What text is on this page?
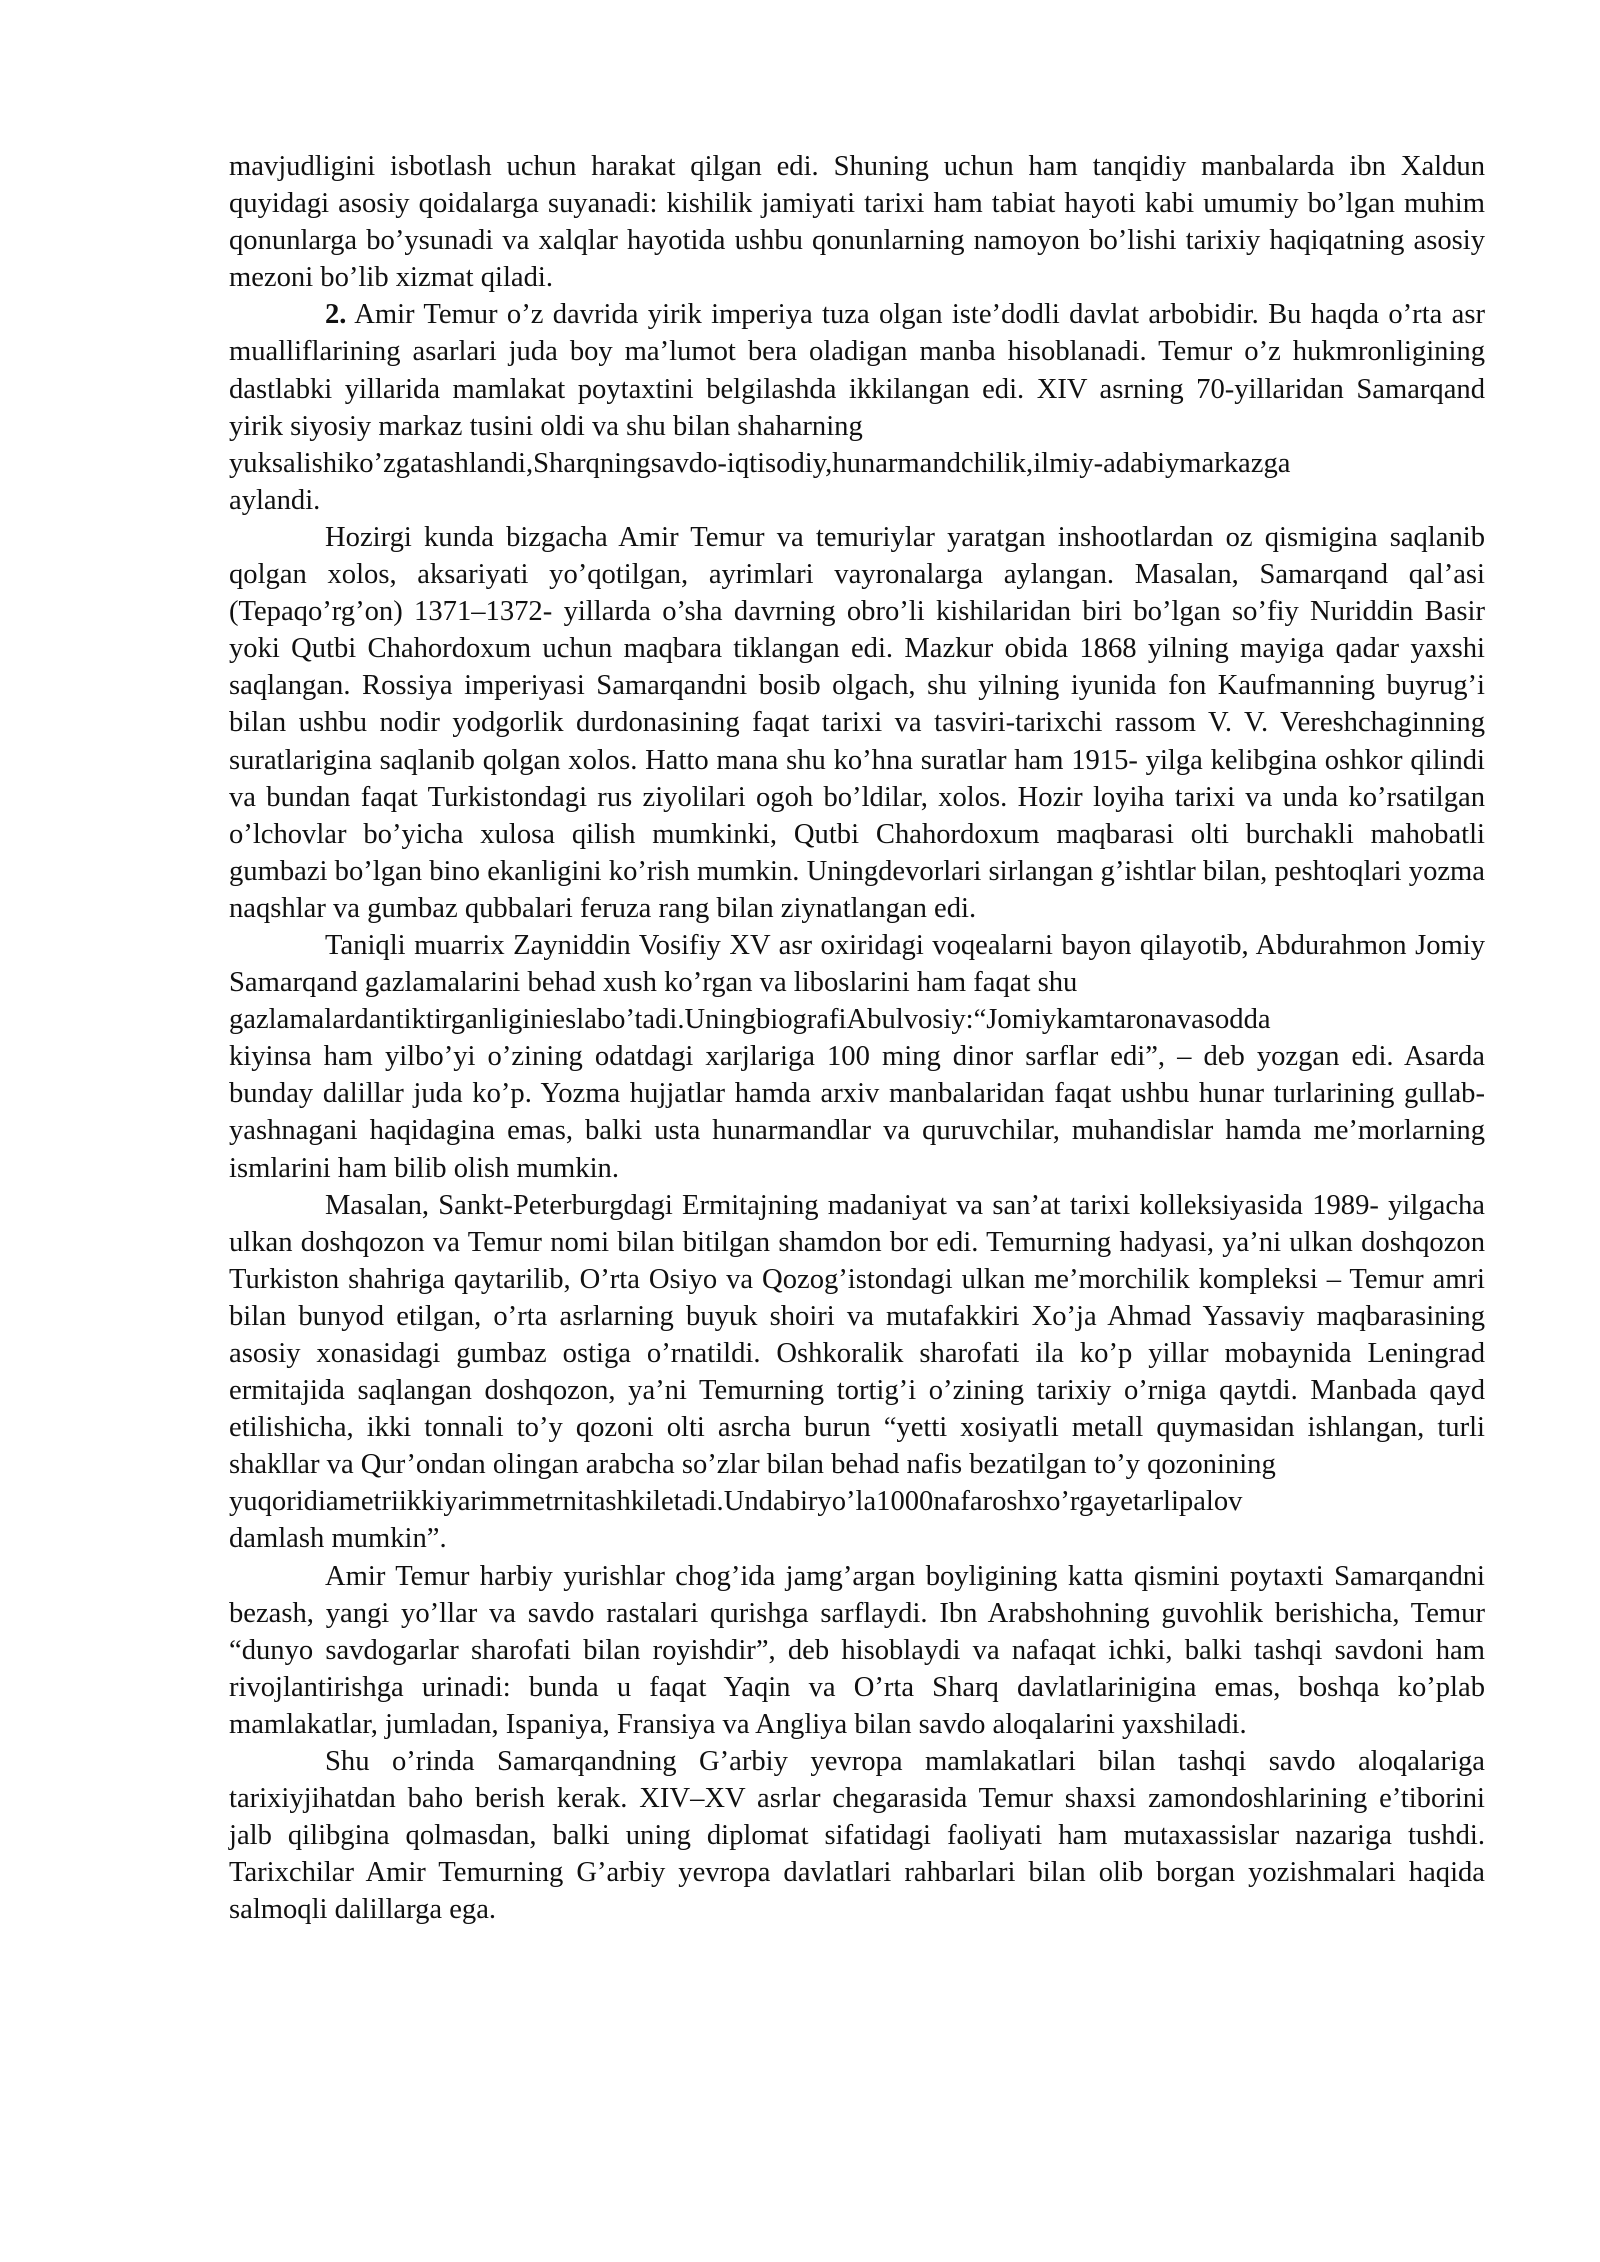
mavjudligini isbotlash uchun harakat qilgan edi. Shuning uchun ham tanqidiy manbalarda ibn Xaldun quyidagi asosiy qoidalarga suyanadi: kishilik jamiyati tarixi ham tabiat hayoti kabi umumiy bo’lgan muhim qonunlarga bo’ysunadi va xalqlar hayotida ushbu qonunlarning namoyon bo’lishi tarixiy haqiqatning asosiy mezoni bo’lib xizmat qiladi.

2. Amir Temur o’z davrida yirik imperiya tuza olgan iste’dodli davlat arbobidir. Bu haqda o’rta asr mualliflarining asarlari juda boy ma’lumot bera oladigan manba hisoblanadi. Temur o’z hukmronligining dastlabki yillarida mamlakat poytaxtini belgilashda ikkilangan edi. XIV asrning 70-yillaridan Samarqand yirik siyosiy markaz tusini oldi va shu bilan shaharning

yuksalishiko’zgatashlandi,Sharqningsavdo-iqtisodiy,hunarmandchilik,ilmiy-adabiymarkazga

aylandi.

Hozirgi kunda bizgacha Amir Temur va temuriylar yaratgan inshootlardan oz qismigina saqlanib qolgan xolos, aksariyati yo’qotilgan, ayrimlari vayronalarga aylangan. Masalan, Samarqand qal’asi (Tepaqo’rg’on) 1371–1372- yillarda o’sha davrning obro’li kishilaridan biri bo’lgan so’fiy Nuriddin Basir yoki Qutbi Chahordoxum uchun maqbara tiklangan edi. Mazkur obida 1868 yilning mayiga qadar yaxshi saqlangan. Rossiya imperiyasi Samarqandni bosib olgach, shu yilning iyunida fon Kaufmanning buyrug’i bilan ushbu nodir yodgorlik durdonasining faqat tarixi va tasviri-tarixchi rassom V. V. Vereshchaginning suratlarigina saqlanib qolgan xolos. Hatto mana shu ko’hna suratlar ham 1915- yilga kelibgina oshkor qilindi va bundan faqat Turkistondagi rus ziyolilari ogoh bo’ldilar, xolos. Hozir loyiha tarixi va unda ko’rsatilgan o’lchovlar bo’yicha xulosa qilish mumkinki, Qutbi Chahordoxum maqbarasi olti burchakli mahobatli gumbazi bo’lgan bino ekanligini ko’rish mumkin. Uningdevorlari sirlangan g’ishtlar bilan, peshtoqlari yozma naqshlar va gumbaz qubbalari feruza rang bilan ziynatlangan edi.

Taniqli muarrix Zayniddin Vosifiy XV asr oxiridagi voqealarni bayon qilayotib, Abdurahmon Jomiy Samarqand gazlamalarini behad xush ko’rgan va liboslarini ham faqat shu

gazlamalardantiktirganliginieslabo’tadi.UningbiografiAbulvosiy:“Jomiykamtaronavasodda

kiyinsa ham yilbo’yi o’zining odatdagi xarjlariga 100 ming dinor sarflar edi”, – deb yozgan edi. Asarda bunday dalillar juda ko’p. Yozma hujjatlar hamda arxiv manbalaridan faqat ushbu hunar turlarining gullab-yashnagani haqidagina emas, balki usta hunarmandlar va quruvchilar, muhandislar hamda me’morlarning ismlarini ham bilib olish mumkin.

Masalan, Sankt-Peterburgdagi Ermitajning madaniyat va san’at tarixi kolleksiyasida 1989- yilgacha ulkan doshqozon va Temur nomi bilan bitilgan shamdon bor edi. Temurning hadyasi, ya’ni ulkan doshqozon Turkiston shahriga qaytarilib, O’rta Osiyo va Qozog’istondagi ulkan me’morchilik kompleksi – Temur amri bilan bunyod etilgan, o’rta asrlarning buyuk shoiri va mutafakkiri Xo’ja Ahmad Yassaviy maqbarasining asosiy xonasidagi gumbaz ostiga o’rnatildi. Oshkoralik sharofati ila ko’p yillar mobaynida Leningrad ermitajida saqlangan doshqozon, ya’ni Temurning tortig’i o’zining tarixiy o’rniga qaytdi. Manbada qayd etilishicha, ikki tonnali to’y qozoni olti asrcha burun “yetti xosiyatli metall quymasidan ishlangan, turli shakllar va Qur’ondan olingan arabcha so’zlar bilan behad nafis bezatilgan to’y qozonining

yuqoridiametriikkiyarimmetrnitashkiletadi.Undabiryo’la1000nafaroshxo’rgayetarlipalov

damlash mumkin”.

Amir Temur harbiy yurishlar chog’ida jamg’argan boyligining katta qismini poytaxti Samarqandni bezash, yangi yo’llar va savdo rastalari qurishga sarflaydi. Ibn Arabshohning guvohlik berishicha, Temur “dunyo savdogarlar sharofati bilan royishdir”, deb hisoblaydi va nafaqat ichki, balki tashqi savdoni ham rivojlantirishga urinadi: bunda u faqat Yaqin va O’rta Sharq davlatlarinigina emas, boshqa ko’plab mamlakatlar, jumladan, Ispaniya, Fransiya va Angliya bilan savdo aloqalarini yaxshiladi.

Shu o’rinda Samarqandning G’arbiy yevropa mamlakatlari bilan tashqi savdo aloqalariga tarixiyjihatdan baho berish kerak. XIV–XV asrlar chegarasida Temur shaxsi zamondoshlarining e’tiborini jalb qilibgina qolmasdan, balki uning diplomat sifatidagi faoliyati ham mutaxassislar nazariga tushdi. Tarixchilar Amir Temurning G’arbiy yevropa davlatlari rahbarlari bilan olib borgan yozishmalari haqida salmoqli dalillarga ega.
